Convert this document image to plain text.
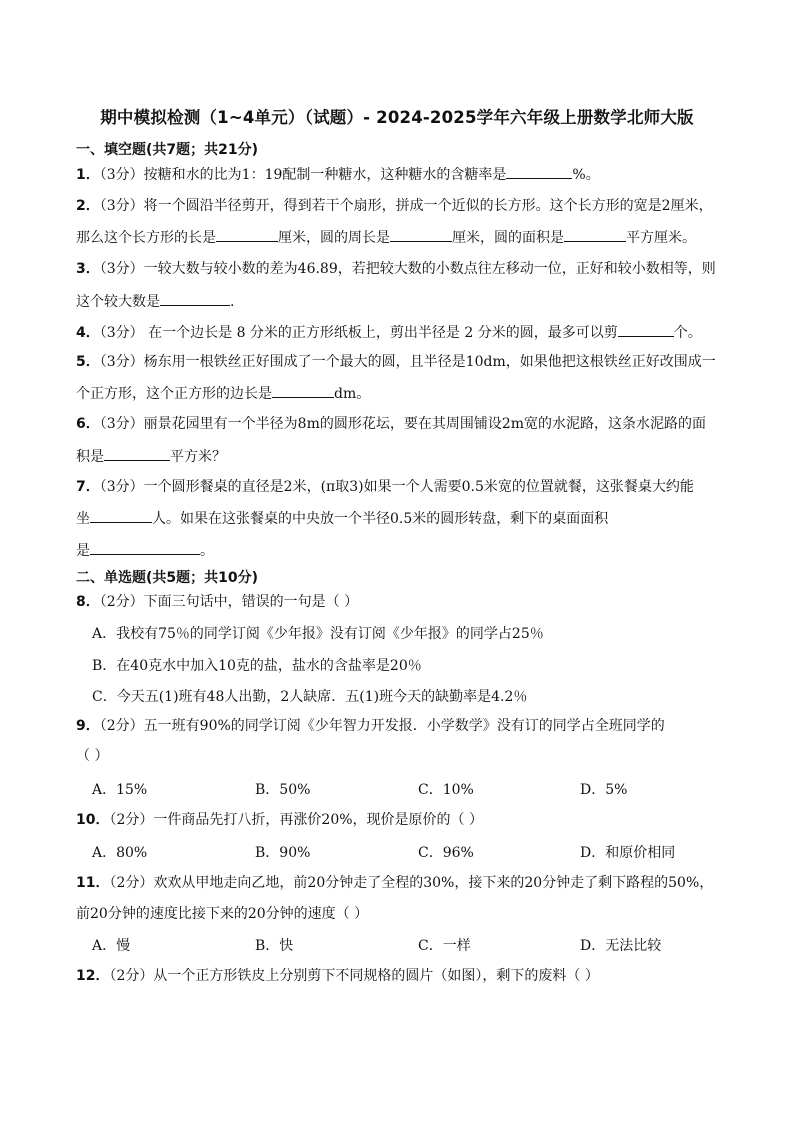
期中模拟检测（1~4单元）（试题）- 2024-2025学年六年级上册数学北师大版
一、填空题(共7题；共21分)
1．（3分）按糖和水的比为1：19配制一种糖水，这种糖水的含糖率是	%。
2．（3分）将一个圆沿半径剪开，得到若干个扇形，拼成一个近似的长方形。这个长方形的宽是2厘米，
那么这个长方形的长是	厘米，圆的周长是	厘米，圆的面积是	平方厘米。
3．（3分）一较大数与较小数的差为46.89，若把较大数的小数点往左移动一位，正好和较小数相等，则
这个较大数是	.
4．（3分） 在一个边长是 8 分米的正方形纸板上，剪出半径是 2 分米的圆，最多可以剪	个。
5．（3分）杨东用一根铁丝正好围成了一个最大的圆，且半径是10dm，如果他把这根铁丝正好改围成一
个正方形，这个正方形的边长是	dm。
6．（3分）丽景花园里有一个半径为8m的圆形花坛，要在其周围铺设2m宽的水泥路，这条水泥路的面
积是	平方米？
7．（3分）一个圆形餐桌的直径是2米，(π取3)如果一个人需要0.5米宽的位置就餐，这张餐桌大约能
坐	人。如果在这张餐桌的中央放一个半径0.5米的圆形转盘，剩下的桌面面积
是	。
二、单选题(共5题；共10分)
8．（2分）下面三句话中，错误的一句是（ ）
A．我校有75％的同学订阅《少年报》没有订阅《少年报》的同学占25％
B．在40克水中加入10克的盐，盐水的含盐率是20％
C．今天五(1)班有48人出勤，2人缺席．五(1)班今天的缺勤率是4.2％
9．（2分）五一班有90%的同学订阅《少年智力开发报．小学数学》没有订的同学占全班同学的
（ ）
A．15%	B．50%	C．10%	D．5%
10．（2分）一件商品先打八折，再涨价20%，现价是原价的（ ）
A．80%	B．90%	C．96%	D．和原价相同
11．（2分）欢欢从甲地走向乙地，前20分钟走了全程的30%，接下来的20分钟走了剩下路程的50%，
前20分钟的速度比接下来的20分钟的速度（ ）
A．慢	B．快	C．一样	D．无法比较
12．（2分）从一个正方形铁皮上分别剪下不同规格的圆片（如图），剩下的废料（ ）
